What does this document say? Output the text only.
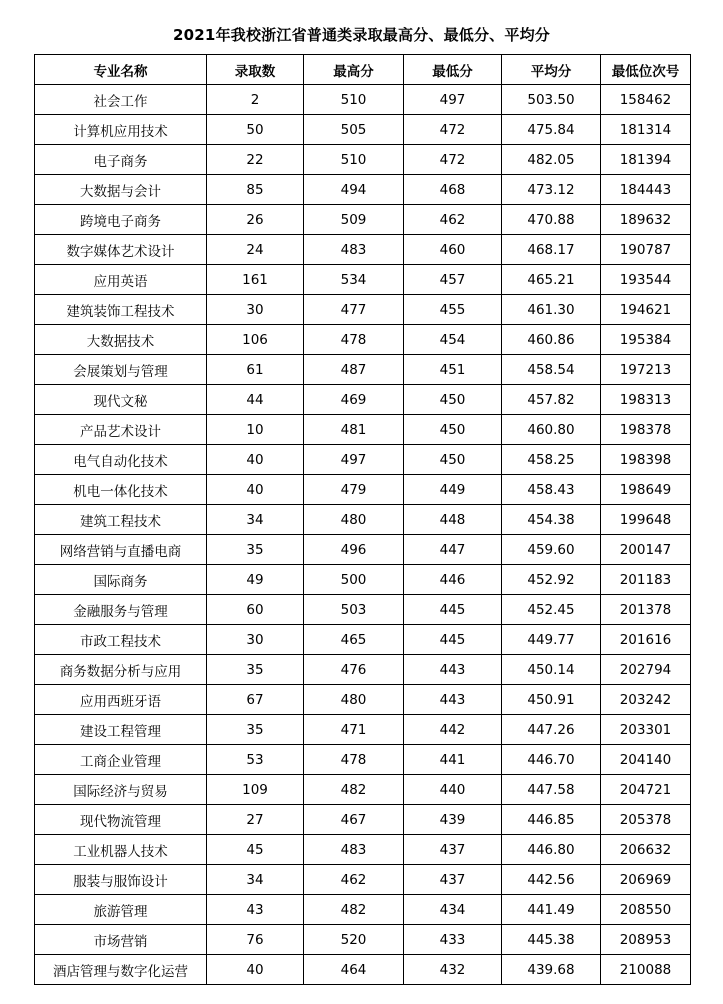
2021年我校浙江省普通类录取最高分、最低分、平均分
专业名称	录取数	最高分	最低分	平均分	最低位次号
社会工作	2	510	497	503.50	158462
计算机应用技术	50	505	472	475.84	181314
电子商务	22	510	472	482.05	181394
大数据与会计	85	494	468	473.12	184443
跨境电子商务	26	509	462	470.88	189632
数字媒体艺术设计	24	483	460	468.17	190787
应用英语	161	534	457	465.21	193544
建筑装饰工程技术	30	477	455	461.30	194621
大数据技术	106	478	454	460.86	195384
会展策划与管理	61	487	451	458.54	197213
现代文秘	44	469	450	457.82	198313
产品艺术设计	10	481	450	460.80	198378
电气自动化技术	40	497	450	458.25	198398
机电一体化技术	40	479	449	458.43	198649
建筑工程技术	34	480	448	454.38	199648
网络营销与直播电商	35	496	447	459.60	200147
国际商务	49	500	446	452.92	201183
金融服务与管理	60	503	445	452.45	201378
市政工程技术	30	465	445	449.77	201616
商务数据分析与应用	35	476	443	450.14	202794
应用西班牙语	67	480	443	450.91	203242
建设工程管理	35	471	442	447.26	203301
工商企业管理	53	478	441	446.70	204140
国际经济与贸易	109	482	440	447.58	204721
现代物流管理	27	467	439	446.85	205378
工业机器人技术	45	483	437	446.80	206632
服装与服饰设计	34	462	437	442.56	206969
旅游管理	43	482	434	441.49	208550
市场营销	76	520	433	445.38	208953
酒店管理与数字化运营	40	464	432	439.68	210088
